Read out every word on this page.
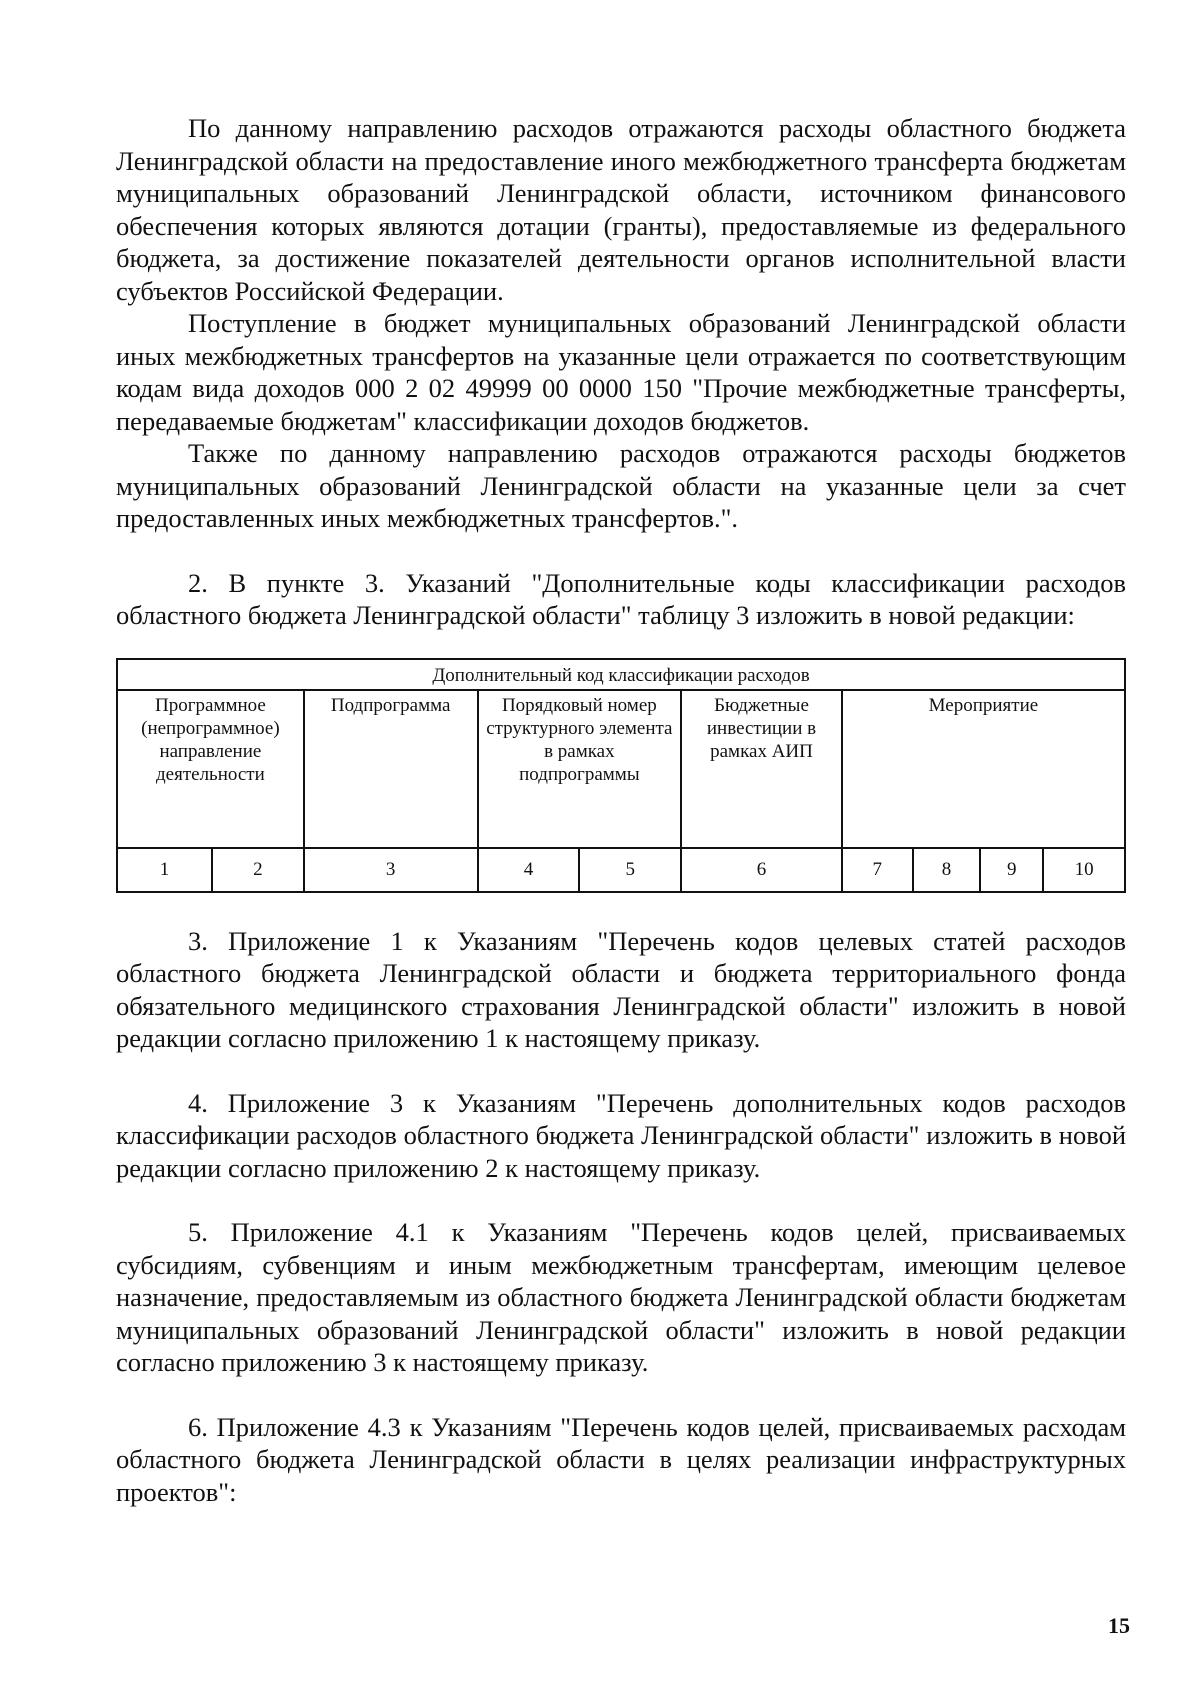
По данному направлению расходов отражаются расходы областного бюджета Ленинградской области на предоставление иного межбюджетного трансферта бюджетам муниципальных образований Ленинградской области, источником финансового обеспечения которых являются дотации (гранты), предоставляемые из федерального бюджета, за достижение показателей деятельности органов исполнительной власти субъектов Российской Федерации.

Поступление в бюджет муниципальных образований Ленинградской области иных межбюджетных трансфертов на указанные цели отражается по соответствующим кодам вида доходов 000 2 02 49999 00 0000 150 "Прочие межбюджетные трансферты, передаваемые бюджетам" классификации доходов бюджетов.

Также по данному направлению расходов отражаются расходы бюджетов муниципальных образований Ленинградской области на указанные цели за счет предоставленных иных межбюджетных трансфертов.".

2. В пункте 3. Указаний "Дополнительные коды классификации расходов областного бюджета Ленинградской области" таблицу 3 изложить в новой редакции:

Дополнительный код классификации расходов									
Программное (непрограммное) направление деятельности		Подпрограмма	Порядковый номер структурного элемента в рамках подпрограммы		Бюджетные инвестиции в рамках АИП	Мероприятие			
1	2	3	4	5	6	7	8	9	10

3. Приложение 1 к Указаниям "Перечень кодов целевых статей расходов областного бюджета Ленинградской области и бюджета территориального фонда обязательного медицинского страхования Ленинградской области" изложить в новой редакции согласно приложению 1 к настоящему приказу.

4. Приложение 3 к Указаниям "Перечень дополнительных кодов расходов классификации расходов областного бюджета Ленинградской области" изложить в новой редакции согласно приложению 2 к настоящему приказу.

5. Приложение 4.1 к Указаниям "Перечень кодов целей, присваиваемых субсидиям, субвенциям и иным межбюджетным трансфертам, имеющим целевое назначение, предоставляемым из областного бюджета Ленинградской области бюджетам муниципальных образований Ленинградской области" изложить в новой редакции согласно приложению 3 к настоящему приказу.

6. Приложение 4.3 к Указаниям "Перечень кодов целей, присваиваемых расходам областного бюджета Ленинградской области в целях реализации инфраструктурных проектов":

15
